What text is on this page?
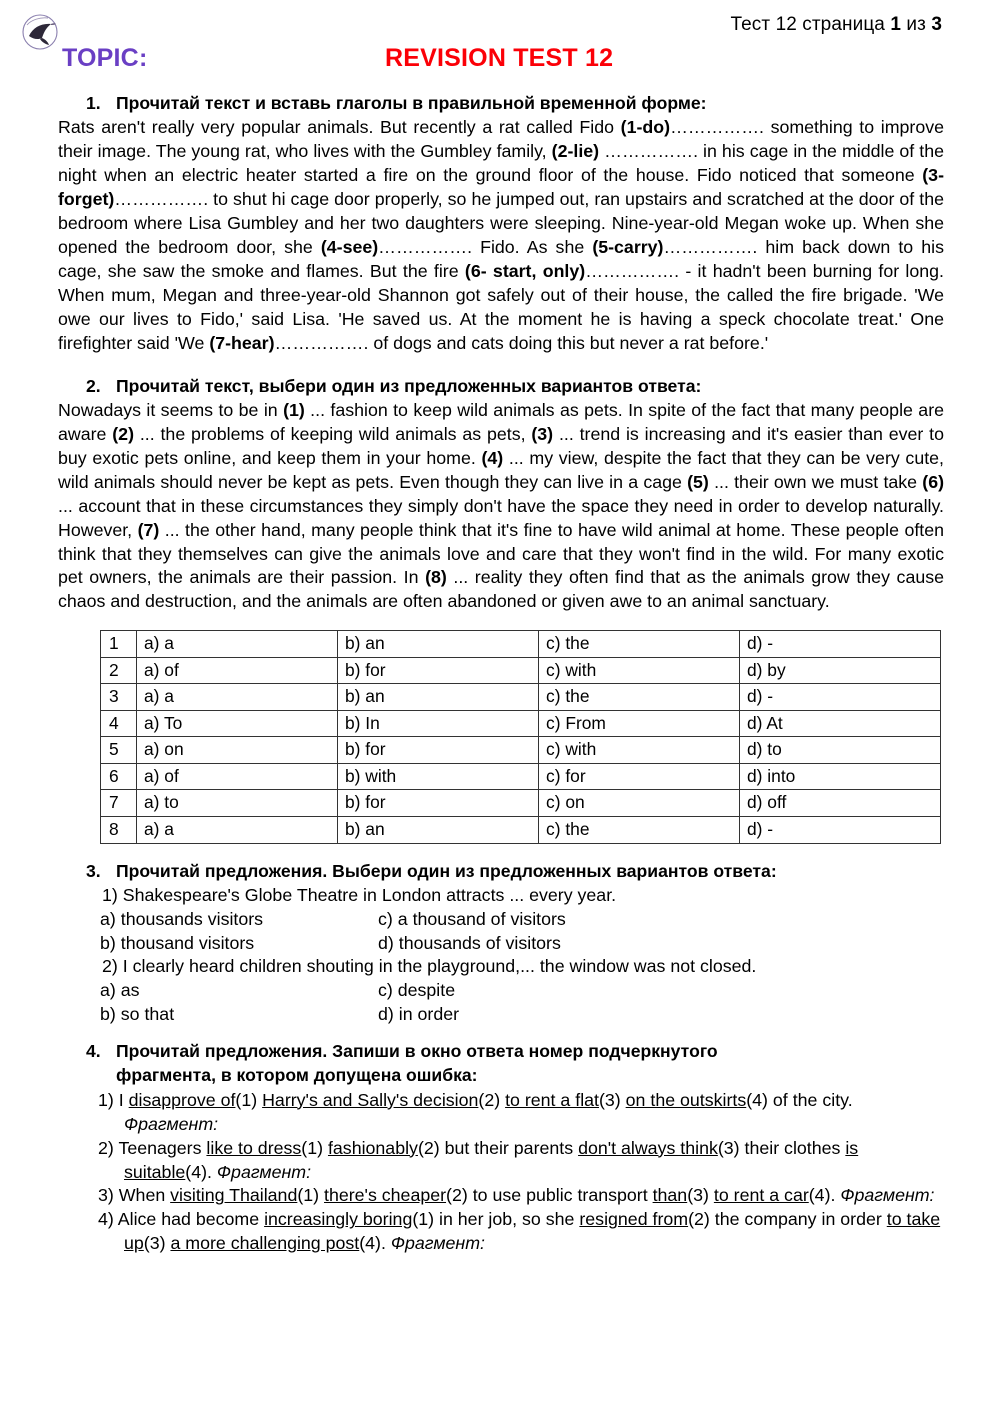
Тест 12 страница 1 из 3
TOPIC:	REVISION TEST 12
1. Прочитай текст и вставь глаголы в правильной временной форме:

Rats aren't really very popular animals. But recently a rat called Fido (1-do)……………. something to improve their image. The young rat, who lives with the Gumbley family, (2-lie) ……………. in his cage in the middle of the night when an electric heater started a fire on the ground floor of the house. Fido noticed that someone (3-forget)……………. to shut hi cage door properly, so he jumped out, ran upstairs and scratched at the door of the bedroom where Lisa Gumbley and her two daughters were sleeping. Nine-year-old Megan woke up. When she opened the bedroom door, she (4-see)……………. Fido. As she (5-carry)……………. him back down to his cage, she saw the smoke and flames. But the fire (6- start, only)……………. - it hadn't been burning for long. When mum, Megan and three-year-old Shannon got safely out of their house, the called the fire brigade. 'We owe our lives to Fido,' said Lisa. 'He saved us. At the moment he is having a speck chocolate treat.' One firefighter said 'We (7-hear)……………. of dogs and cats doing this but never a rat before.'

2. Прочитай текст, выбери один из предложенных вариантов ответа:

Nowadays it seems to be in (1) ... fashion to keep wild animals as pets. In spite of the fact that many people are aware (2) ... the problems of keeping wild animals as pets, (3) ... trend is increasing and it's easier than ever to buy exotic pets online, and keep them in your home. (4) ... my view, despite the fact that they can be very cute, wild animals should never be kept as pets. Even though they can live in a cage (5) ... their own we must take (6) ... account that in these circumstances they simply don't have the space they need in order to develop naturally. However, (7) ... the other hand, many people think that it's fine to have wild animal at home. These people often think that they themselves can give the animals love and care that they won't find in the wild. For many exotic pet owners, the animals are their passion. In (8) ... reality they often find that as the animals grow they cause chaos and destruction, and the animals are often abandoned or given awe to an animal sanctuary.

1	a) a	b) an	c) the	d) -
2	a) of	b) for	c) with	d) by
3	a) a	b) an	c) the	d) -
4	a) To	b) In	c) From	d) At
5	a) on	b) for	c) with	d) to
6	a) of	b) with	c) for	d) into
7	a) to	b) for	c) on	d) off
8	a) a	b) an	c) the	d) -
3. Прочитай предложения. Выбери один из предложенных вариантов ответа:
1) Shakespeare's Globe Theatre in London attracts ... every year.
a) thousands visitors	c) a thousand of visitors
b) thousand visitors	d) thousands of visitors
2) I clearly heard children shouting in the playground,... the window was not closed.
a) as	c) despite
b) so that	d) in order
4. Прочитай предложения. Запиши в окно ответа номер подчеркнутого
фрагмента, в котором допущена ошибка:
1) I disapprove of(1) Harry's and Sally's decision(2) to rent a flat(3) on the outskirts(4) of the city. Фрагмент:
2) Teenagers like to dress(1) fashionably(2) but their parents don't always think(3) their clothes is suitable(4). Фрагмент:
3) When visiting Thailand(1) there's cheaper(2) to use public transport than(3) to rent a car(4). Фрагмент:
4) Alice had become increasingly boring(1) in her job, so she resigned from(2) the company in order to take up(3) a more challenging post(4). Фрагмент:
